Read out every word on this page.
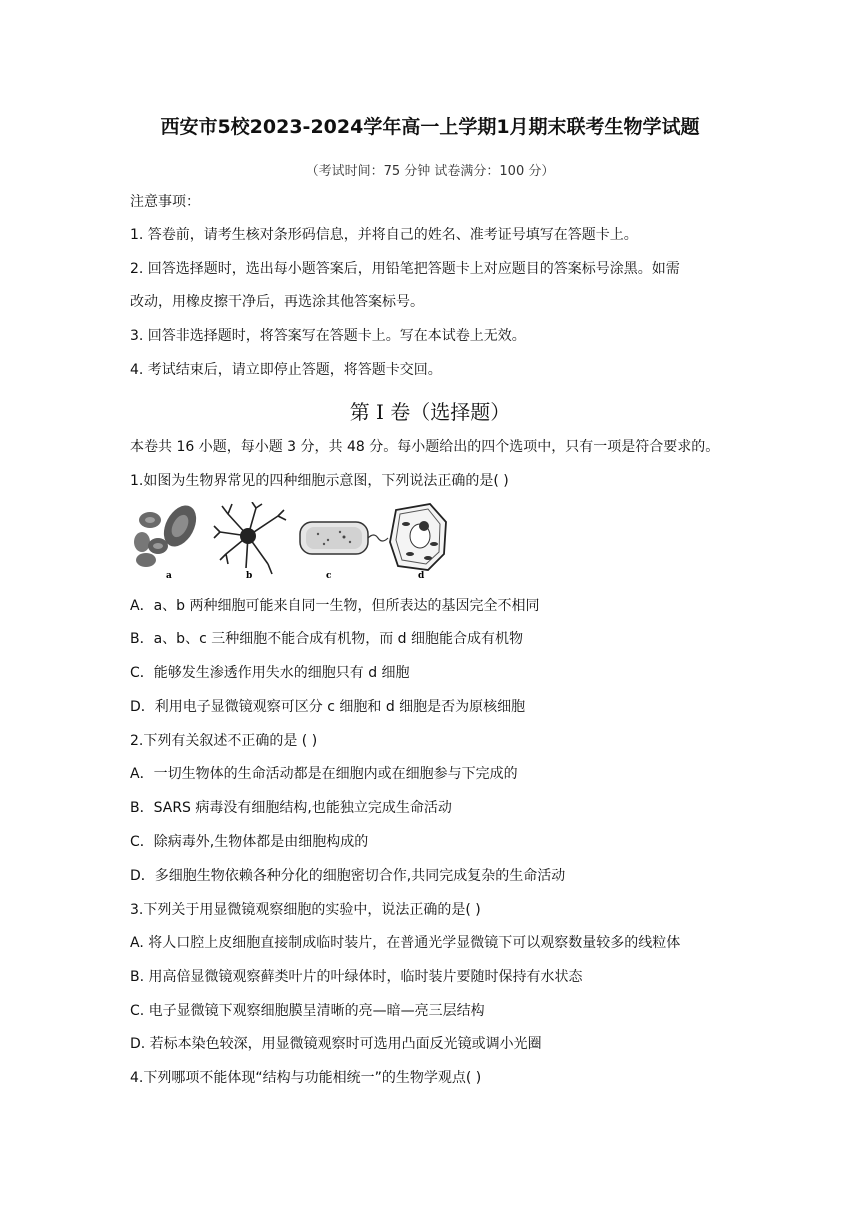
西安市5校2023-2024学年高一上学期1月期末联考生物学试题
（考试时间：75 分钟 试卷满分：100 分）
注意事项：
1. 答卷前，请考生核对条形码信息，并将自己的姓名、准考证号填写在答题卡上。
2. 回答选择题时，选出每小题答案后，用铅笔把答题卡上对应题目的答案标号涂黑。如需
改动，用橡皮擦干净后，再选涂其他答案标号。
3. 回答非选择题时，将答案写在答题卡上。写在本试卷上无效。
4. 考试结束后，请立即停止答题，将答题卡交回。
第 I 卷（选择题）
本卷共 16 小题，每小题 3 分，共 48 分。每小题给出的四个选项中，只有一项是符合要求的。
1.如图为生物界常见的四种细胞示意图，下列说法正确的是( )
a	b	c	d
A．a、b 两种细胞可能来自同一生物，但所表达的基因完全不相同
B．a、b、c 三种细胞不能合成有机物，而 d 细胞能合成有机物
C．能够发生渗透作用失水的细胞只有 d 细胞
D．利用电子显微镜观察可区分 c 细胞和 d 细胞是否为原核细胞
2.下列有关叙述不正确的是 ( )
A．一切生物体的生命活动都是在细胞内或在细胞参与下完成的
B．SARS 病毒没有细胞结构,也能独立完成生命活动
C．除病毒外,生物体都是由细胞构成的
D．多细胞生物依赖各种分化的细胞密切合作,共同完成复杂的生命活动
3.下列关于用显微镜观察细胞的实验中，说法正确的是( )
A. 将人口腔上皮细胞直接制成临时装片，在普通光学显微镜下可以观察数量较多的线粒体
B. 用高倍显微镜观察藓类叶片的叶绿体时，临时装片要随时保持有水状态
C. 电子显微镜下观察细胞膜呈清晰的亮—暗—亮三层结构
D. 若标本染色较深，用显微镜观察时可选用凸面反光镜或调小光圈
4.下列哪项不能体现“结构与功能相统一”的生物学观点( )
